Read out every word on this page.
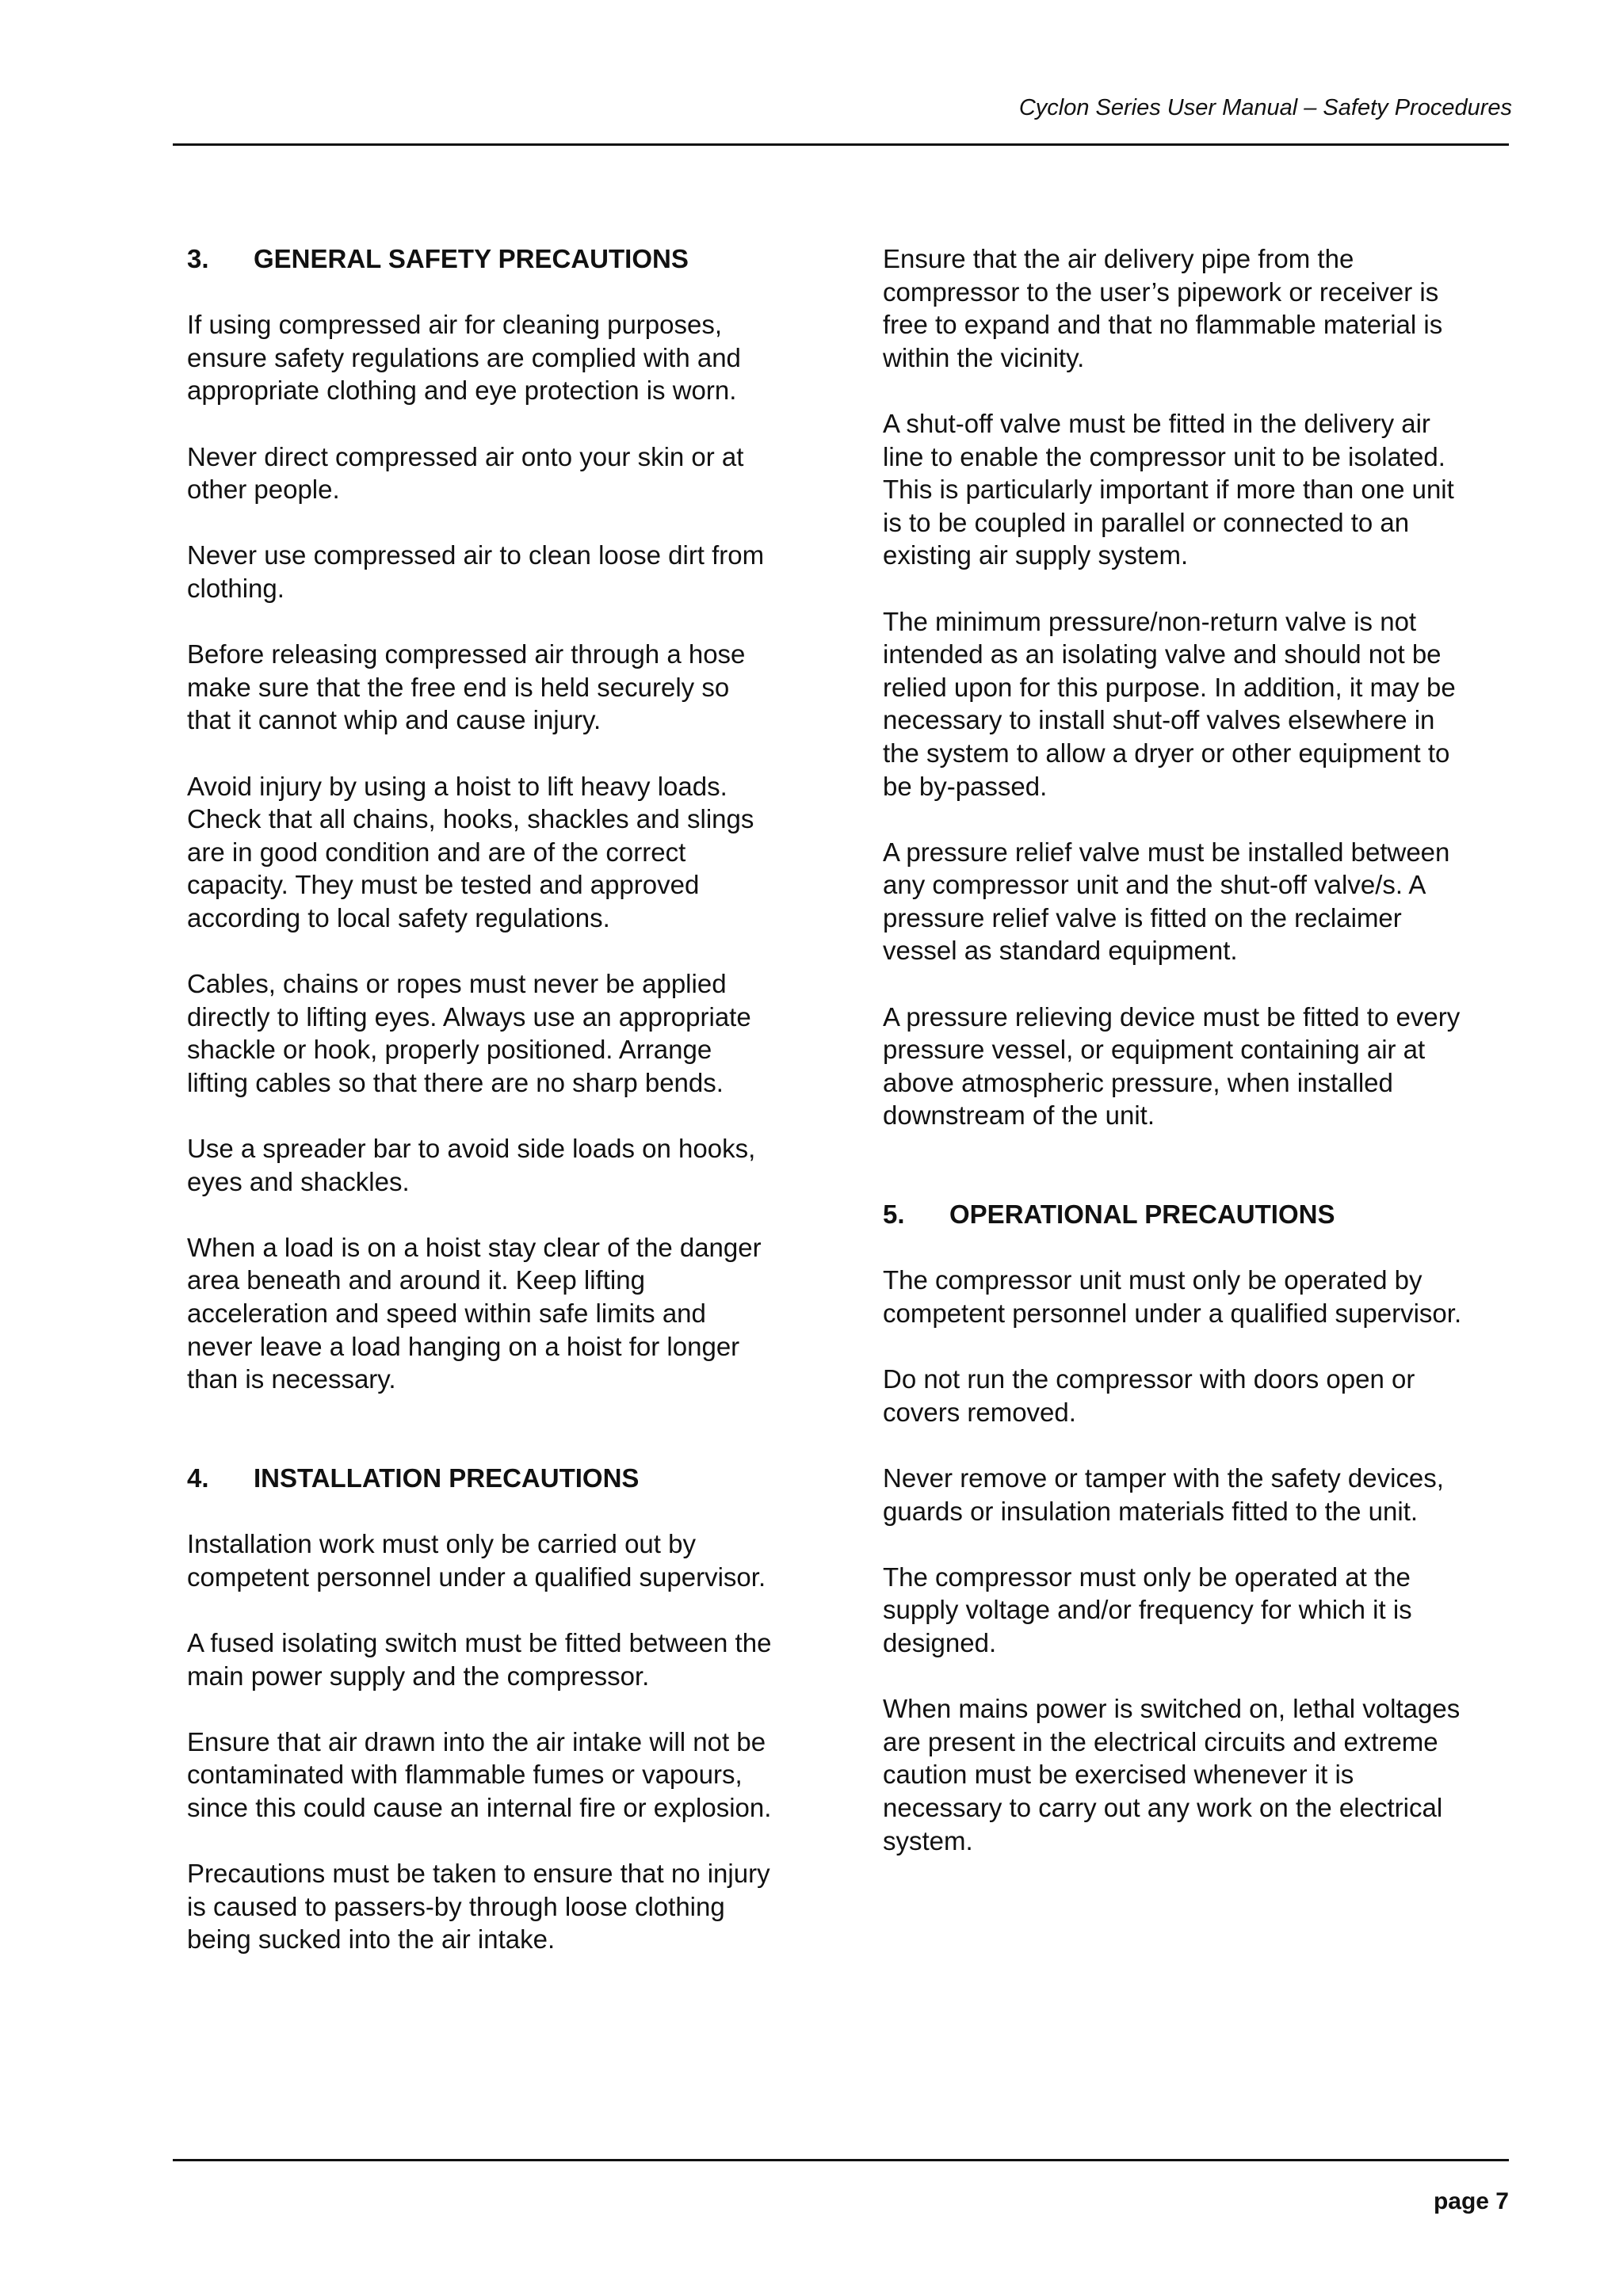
Cyclon Series User Manual – Safety Procedures
3. GENERAL SAFETY PRECAUTIONS
If using compressed air for cleaning purposes,
ensure safety regulations are complied with and
appropriate clothing and eye protection is worn.
Never direct compressed air onto your skin or at
other people.
Never use compressed air to clean loose dirt from
clothing.
Before releasing compressed air through a hose
make sure that the free end is held securely so
that it cannot whip and cause injury.
Avoid injury by using a hoist to lift heavy loads.
Check that all chains, hooks, shackles and slings
are in good condition and are of the correct
capacity. They must be tested and approved
according to local safety regulations.
Cables, chains or ropes must never be applied
directly to lifting eyes. Always use an appropriate
shackle or hook, properly positioned. Arrange
lifting cables so that there are no sharp bends.
Use a spreader bar to avoid side loads on hooks,
eyes and shackles.
When a load is on a hoist stay clear of the danger
area beneath and around it. Keep lifting
acceleration and speed within safe limits and
never leave a load hanging on a hoist for longer
than is necessary.
4. INSTALLATION PRECAUTIONS
Installation work must only be carried out by
competent personnel under a qualified supervisor.
A fused isolating switch must be fitted between the
main power supply and the compressor.
Ensure that air drawn into the air intake will not be
contaminated with flammable fumes or vapours,
since this could cause an internal fire or explosion.
Precautions must be taken to ensure that no injury
is caused to passers-by through loose clothing
being sucked into the air intake.
Ensure that the air delivery pipe from the
compressor to the user’s pipework or receiver is
free to expand and that no flammable material is
within the vicinity.
A shut-off valve must be fitted in the delivery air
line to enable the compressor unit to be isolated.
This is particularly important if more than one unit
is to be coupled in parallel or connected to an
existing air supply system.
The minimum pressure/non-return valve is not
intended as an isolating valve and should not be
relied upon for this purpose. In addition, it may be
necessary to install shut-off valves elsewhere in
the system to allow a dryer or other equipment to
be by-passed.
A pressure relief valve must be installed between
any compressor unit and the shut-off valve/s. A
pressure relief valve is fitted on the reclaimer
vessel as standard equipment.
A pressure relieving device must be fitted to every
pressure vessel, or equipment containing air at
above atmospheric pressure, when installed
downstream of the unit.
5. OPERATIONAL PRECAUTIONS
The compressor unit must only be operated by
competent personnel under a qualified supervisor.
Do not run the compressor with doors open or
covers removed.
Never remove or tamper with the safety devices,
guards or insulation materials fitted to the unit.
The compressor must only be operated at the
supply voltage and/or frequency for which it is
designed.
When mains power is switched on, lethal voltages
are present in the electrical circuits and extreme
caution must be exercised whenever it is
necessary to carry out any work on the electrical
system.
page 7
